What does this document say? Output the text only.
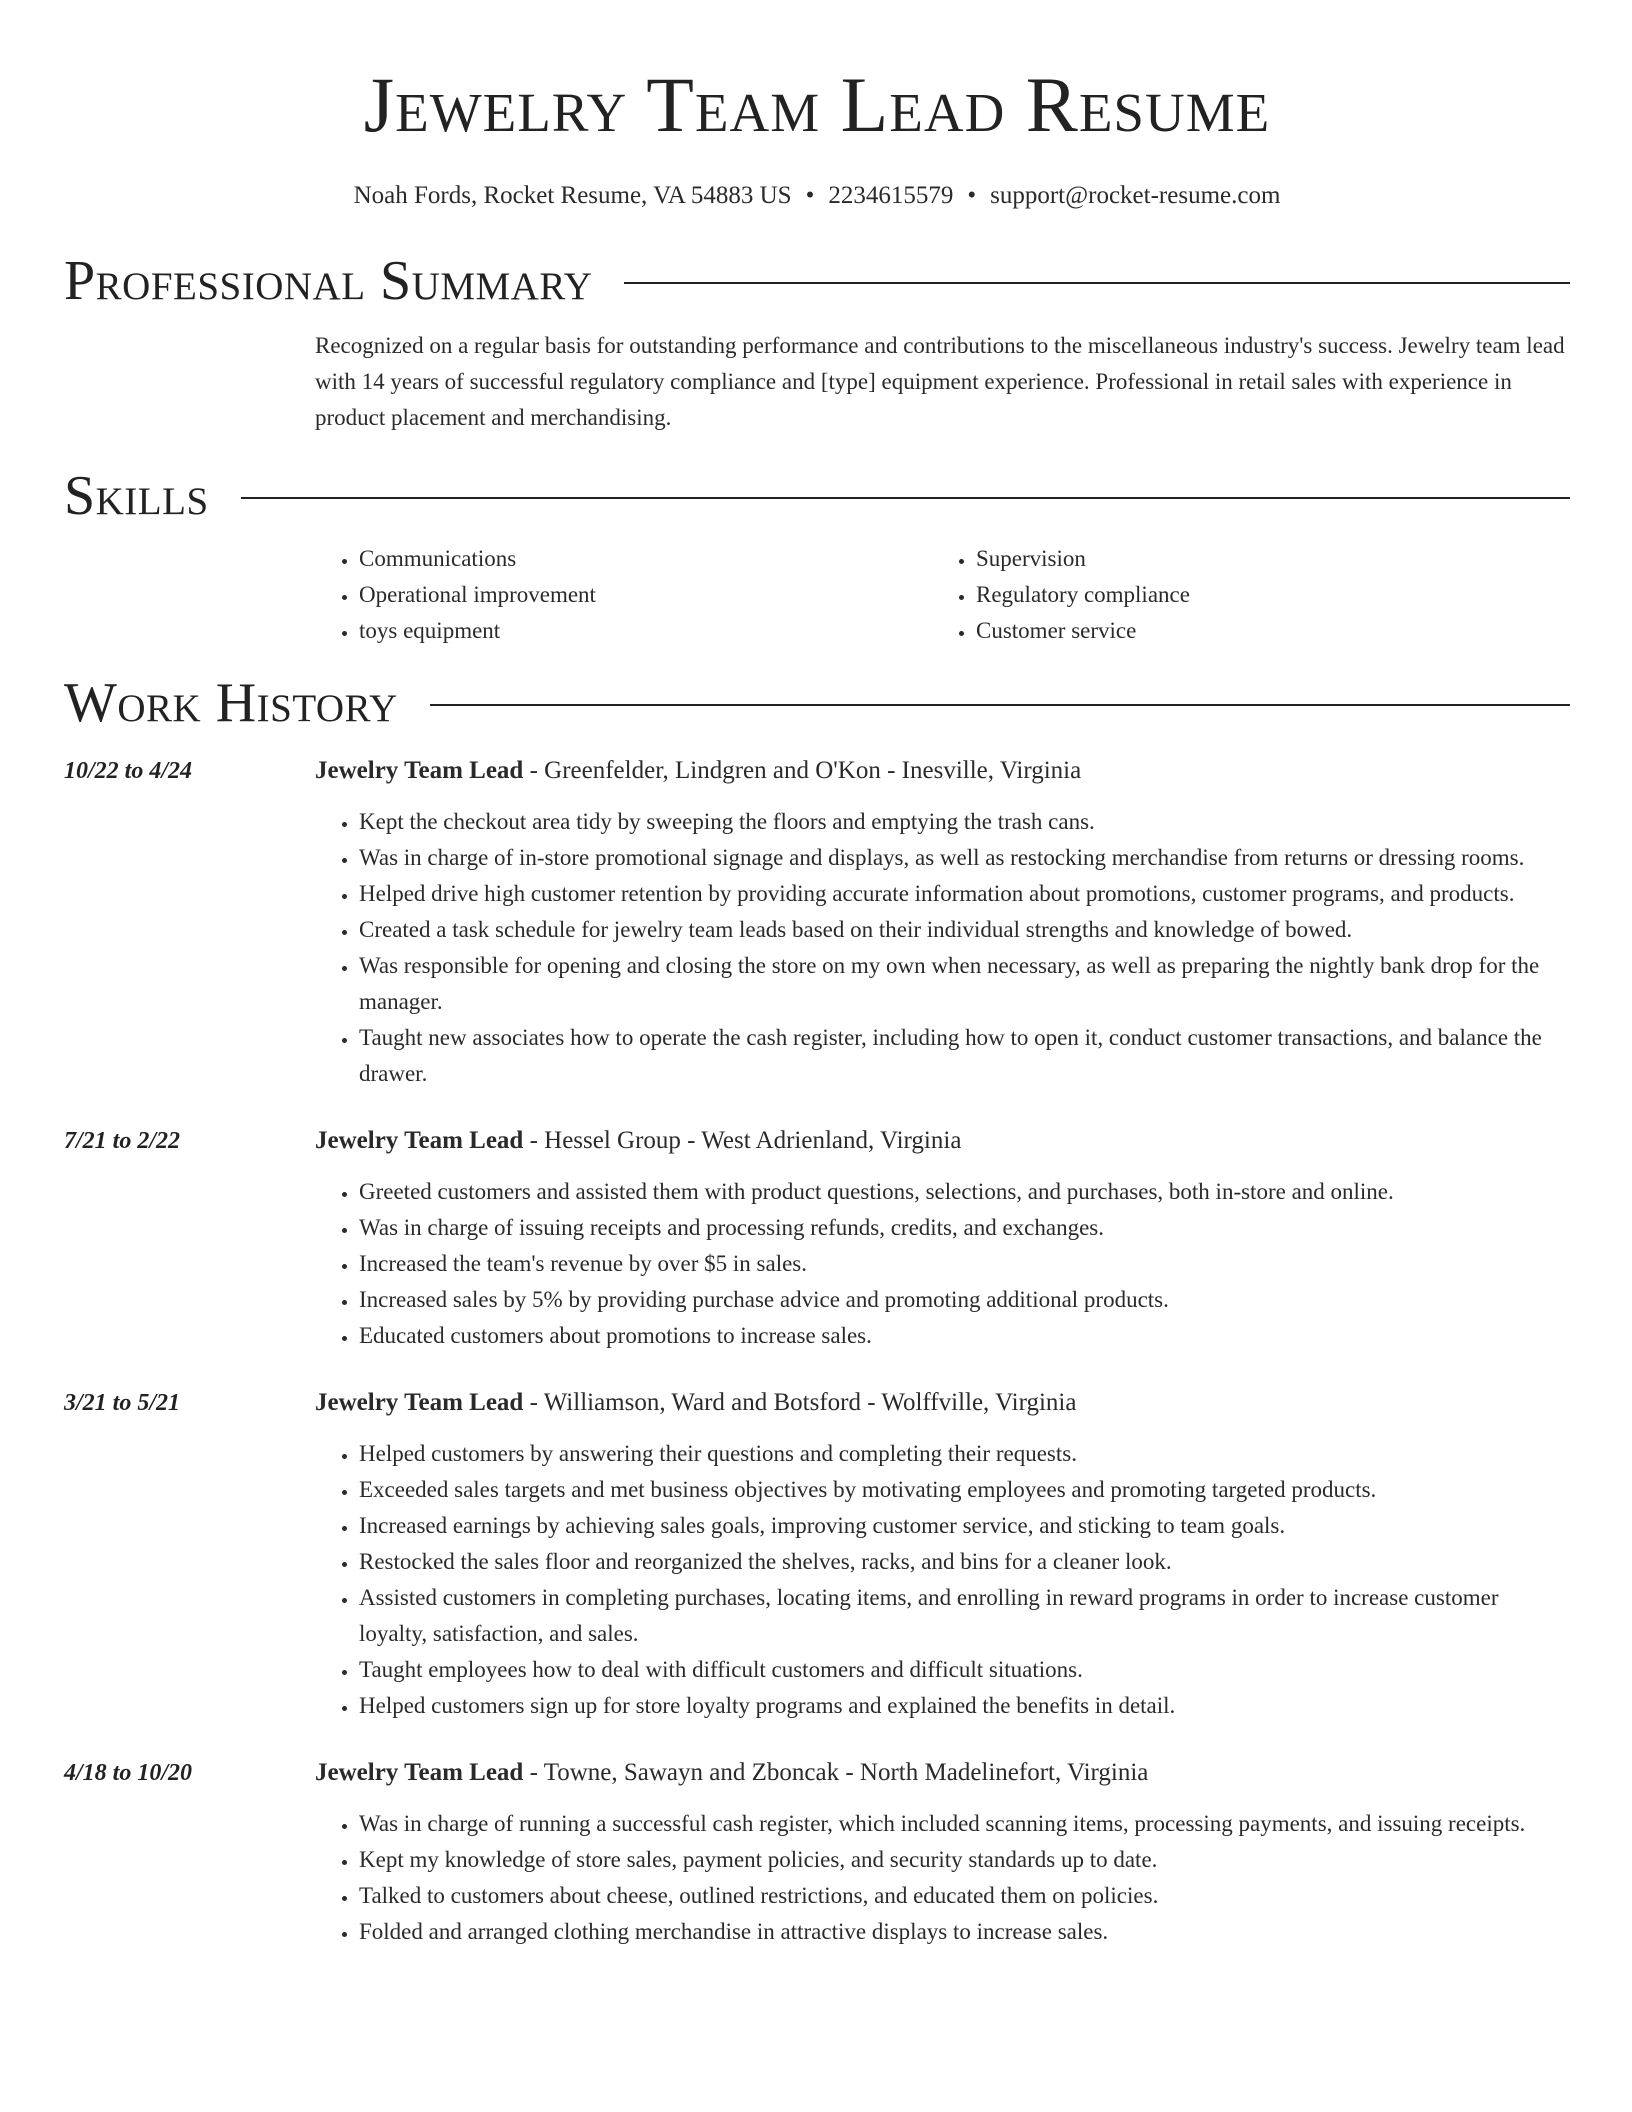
Jewelry Team Lead Resume
Noah Fords, Rocket Resume, VA 54883 US • 2234615579 • support@rocket-resume.com
Professional Summary
Recognized on a regular basis for outstanding performance and contributions to the miscellaneous industry's success. Jewelry team lead with 14 years of successful regulatory compliance and [type] equipment experience. Professional in retail sales with experience in product placement and merchandising.
Skills
• Communications
• Operational improvement
• toys equipment
• Supervision
• Regulatory compliance
• Customer service
Work History
10/22 to 4/24	Jewelry Team Lead - Greenfelder, Lindgren and O'Kon - Inesville, Virginia
• Kept the checkout area tidy by sweeping the floors and emptying the trash cans.
• Was in charge of in-store promotional signage and displays, as well as restocking merchandise from returns or dressing rooms.
• Helped drive high customer retention by providing accurate information about promotions, customer programs, and products.
• Created a task schedule for jewelry team leads based on their individual strengths and knowledge of bowed.
• Was responsible for opening and closing the store on my own when necessary, as well as preparing the nightly bank drop for the manager.
• Taught new associates how to operate the cash register, including how to open it, conduct customer transactions, and balance the drawer.
7/21 to 2/22	Jewelry Team Lead - Hessel Group - West Adrienland, Virginia
• Greeted customers and assisted them with product questions, selections, and purchases, both in-store and online.
• Was in charge of issuing receipts and processing refunds, credits, and exchanges.
• Increased the team's revenue by over $5 in sales.
• Increased sales by 5% by providing purchase advice and promoting additional products.
• Educated customers about promotions to increase sales.
3/21 to 5/21	Jewelry Team Lead - Williamson, Ward and Botsford - Wolffville, Virginia
• Helped customers by answering their questions and completing their requests.
• Exceeded sales targets and met business objectives by motivating employees and promoting targeted products.
• Increased earnings by achieving sales goals, improving customer service, and sticking to team goals.
• Restocked the sales floor and reorganized the shelves, racks, and bins for a cleaner look.
• Assisted customers in completing purchases, locating items, and enrolling in reward programs in order to increase customer loyalty, satisfaction, and sales.
• Taught employees how to deal with difficult customers and difficult situations.
• Helped customers sign up for store loyalty programs and explained the benefits in detail.
4/18 to 10/20	Jewelry Team Lead - Towne, Sawayn and Zboncak - North Madelinefort, Virginia
• Was in charge of running a successful cash register, which included scanning items, processing payments, and issuing receipts.
• Kept my knowledge of store sales, payment policies, and security standards up to date.
• Talked to customers about cheese, outlined restrictions, and educated them on policies.
• Folded and arranged clothing merchandise in attractive displays to increase sales.
